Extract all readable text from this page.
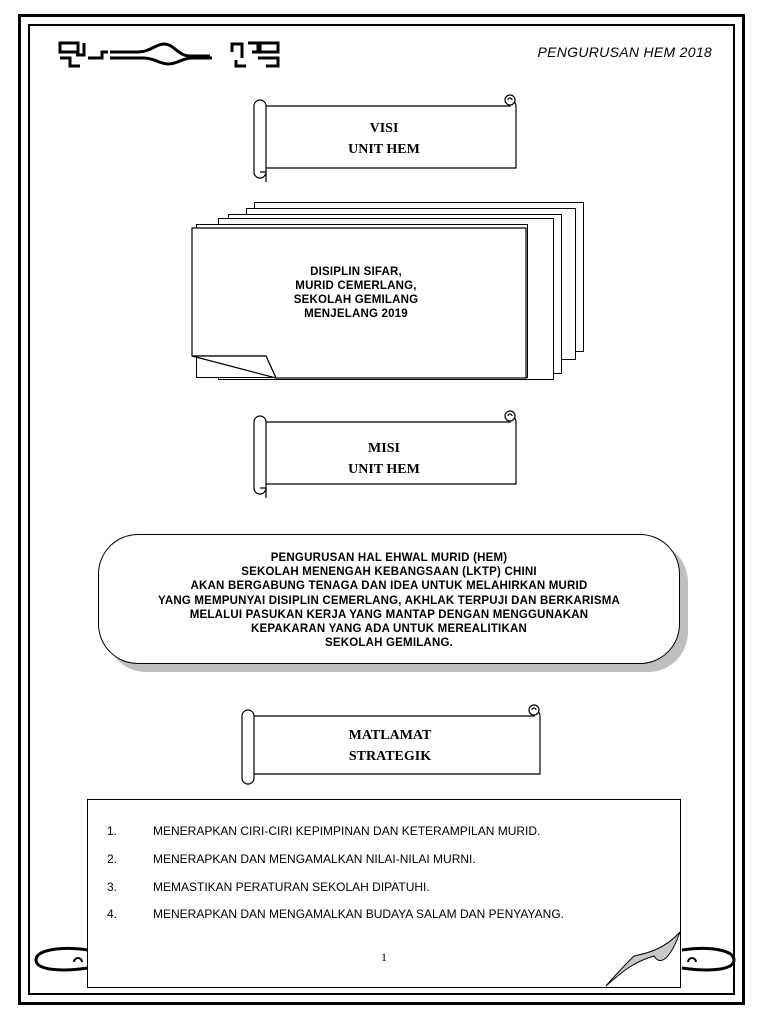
PENGURUSAN HEM 2018
VISI
UNIT HEM
DISIPLIN SIFAR,
MURID CEMERLANG,
SEKOLAH GEMILANG
MENJELANG 2019
MISI
UNIT HEM
PENGURUSAN HAL EHWAL MURID (HEM)
SEKOLAH MENENGAH KEBANGSAAN (LKTP) CHINI
AKAN BERGABUNG TENAGA DAN IDEA UNTUK MELAHIRKAN MURID
YANG MEMPUNYAI DISIPLIN CEMERLANG, AKHLAK TERPUJI DAN BERKARISMA
MELALUI PASUKAN KERJA YANG MANTAP DENGAN MENGGUNAKAN
KEPAKARAN YANG ADA UNTUK MEREALITIKAN
SEKOLAH GEMILANG.
MATLAMAT
STRATEGIK
1.	MENERAPKAN CIRI-CIRI KEPIMPINAN DAN KETERAMPILAN MURID.
2.	MENERAPKAN DAN MENGAMALKAN NILAI-NILAI MURNI.
3.	MEMASTIKAN PERATURAN SEKOLAH DIPATUHI.
4.	MENERAPKAN DAN MENGAMALKAN BUDAYA SALAM DAN PENYAYANG.
1
